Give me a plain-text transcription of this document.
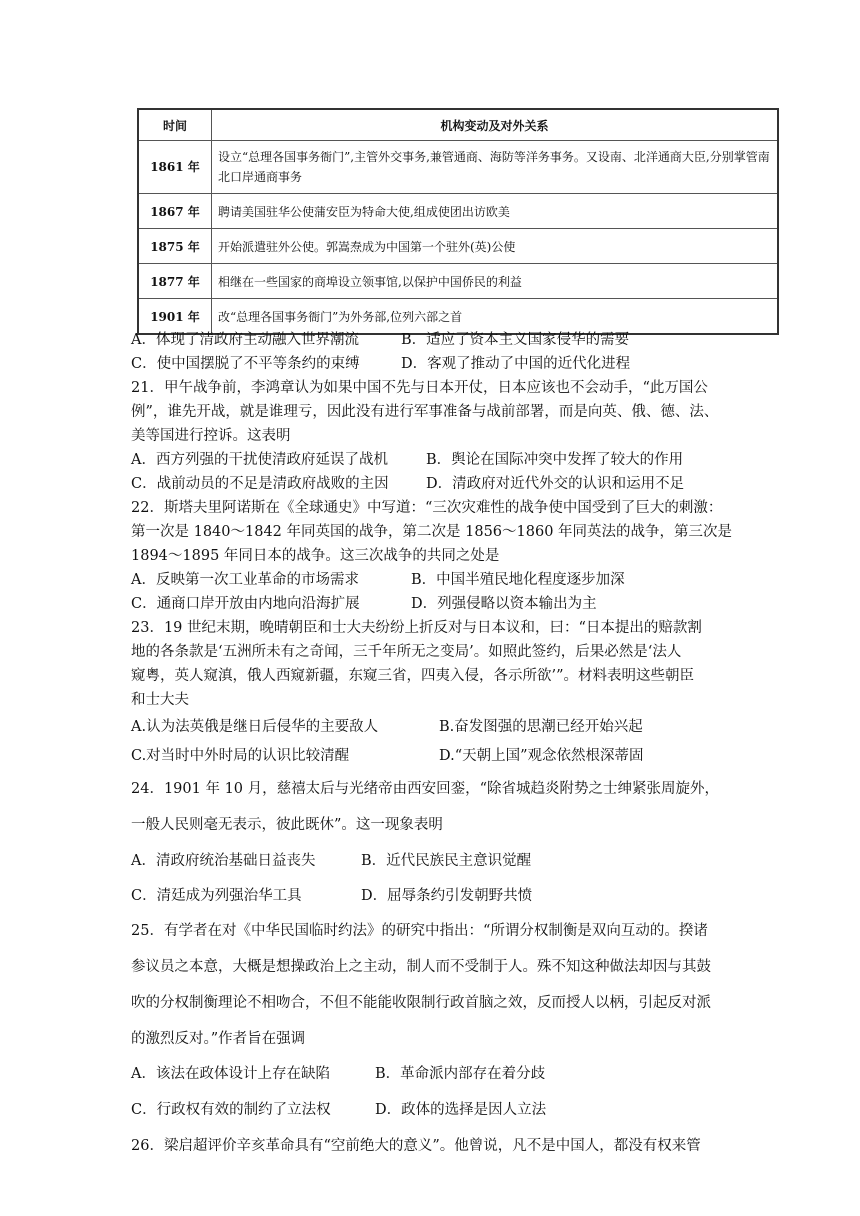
时间	机构变动及对外关系
1861 年	设立“总理各国事务衙门”,主管外交事务,兼管通商、海防等洋务事务。又设南、北洋通商大臣,分别掌管南北口岸通商事务
1867 年	聘请美国驻华公使蒲安臣为特命大使,组成使团出访欧美
1875 年	开始派遣驻外公使。郭嵩焘成为中国第一个驻外(英)公使
1877 年	相继在一些国家的商埠设立领事馆,以保护中国侨民的利益
1901 年	改“总理各国事务衙门”为外务部,位列六部之首
A．体现了清政府主动融入世界潮流	B．适应了资本主义国家侵华的需要
C．使中国摆脱了不平等条约的束缚	D．客观了推动了中国的近代化进程
21．甲午战争前，李鸿章认为如果中国不先与日本开仗，日本应该也不会动手，“此万国公
例”，谁先开战，就是谁理亏，因此没有进行军事准备与战前部署，而是向英、俄、德、法、
美等国进行控诉。这表明
A．西方列强的干扰使清政府延误了战机	B．舆论在国际冲突中发挥了较大的作用
C．战前动员的不足是清政府战败的主因	D．清政府对近代外交的认识和运用不足
22．斯塔夫里阿诺斯在《全球通史》中写道：“三次灾难性的战争使中国受到了巨大的刺激：
第一次是 1840～1842 年同英国的战争，第二次是 1856～1860 年同英法的战争，第三次是
1894～1895 年同日本的战争。这三次战争的共同之处是
A．反映第一次工业革命的市场需求	B．中国半殖民地化程度逐步加深
C．通商口岸开放由内地向沿海扩展	D．列强侵略以资本输出为主
23．19 世纪末期，晚晴朝臣和士大夫纷纷上折反对与日本议和，曰：“日本提出的赔款割
地的各条款是‘五洲所未有之奇闻，三千年所无之变局’。如照此签约，后果必然是‘法人
窥粤，英人窥滇，俄人西窥新疆，东窥三省，四夷入侵，各示所欲’”。材料表明这些朝臣
和士大夫
A.认为法英俄是继日后侵华的主要敌人	B.奋发图强的思潮已经开始兴起
C.对当时中外时局的认识比较清醒	D.“天朝上国”观念依然根深蒂固
24．1901 年 10 月，慈禧太后与光绪帝由西安回銮，“除省城趋炎附势之士绅紧张周旋外，
一般人民则毫无表示，彼此既休”。这一现象表明
A．清政府统治基础日益丧失	B．近代民族民主意识觉醒
C．清廷成为列强治华工具	D．屈辱条约引发朝野共愤
25．有学者在对《中华民国临时约法》的研究中指出：“所谓分权制衡是双向互动的。揆诸
参议员之本意，大概是想操政治上之主动，制人而不受制于人。殊不知这种做法却因与其鼓
吹的分权制衡理论不相吻合，不但不能能收限制行政首脑之效，反而授人以柄，引起反对派
的激烈反对。”作者旨在强调
A．该法在政体设计上存在缺陷	B．革命派内部存在着分歧
C．行政权有效的制约了立法权	D．政体的选择是因人立法
26．梁启超评价辛亥革命具有“空前绝大的意义”。他曾说，凡不是中国人，都没有权来管
